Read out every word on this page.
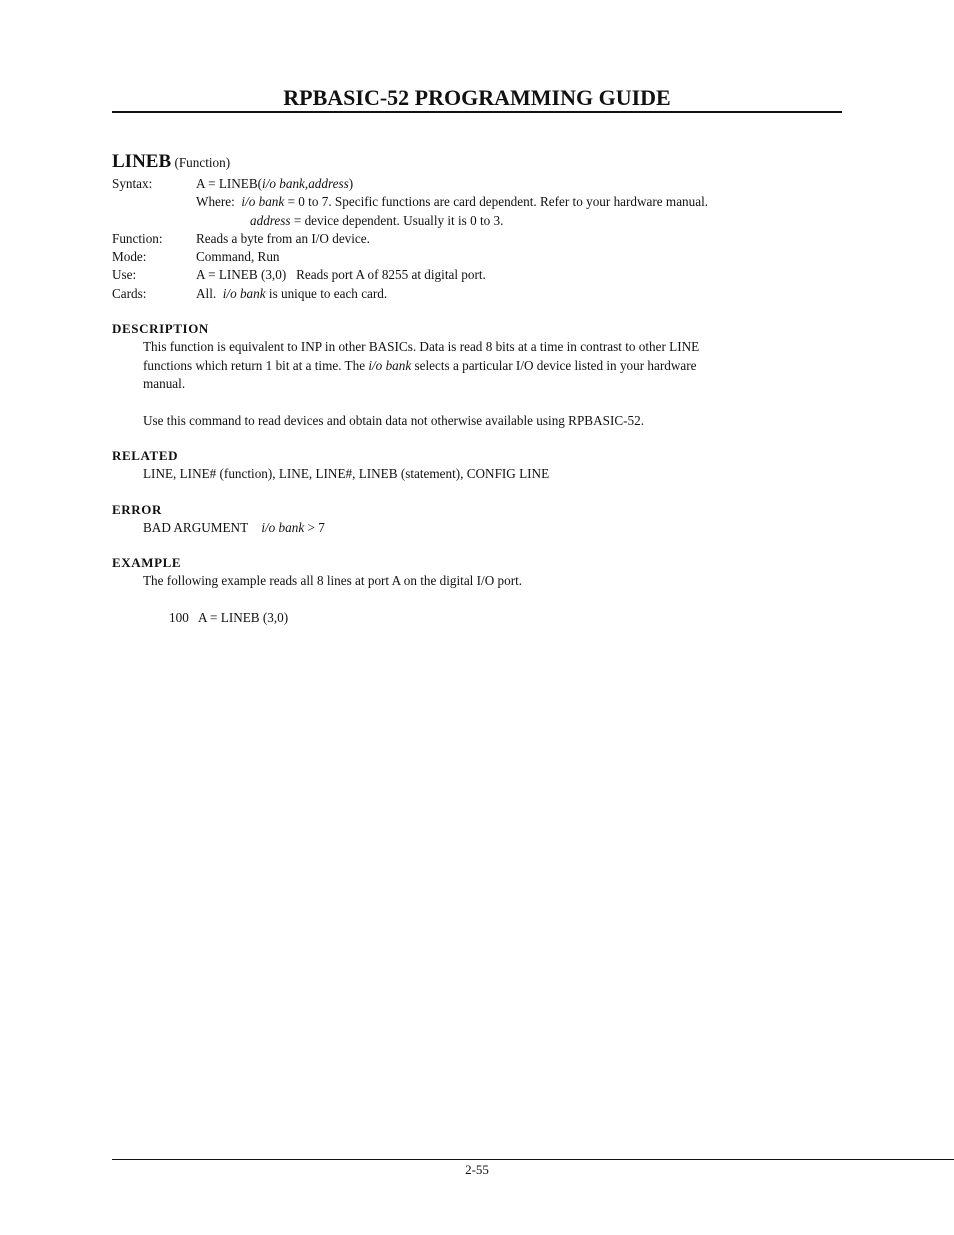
RPBASIC-52 PROGRAMMING GUIDE
LINEB (Function)
Syntax:	A = LINEB(i/o bank,address)
Where: i/o bank = 0 to 7. Specific functions are card dependent. Refer to your hardware manual.
address = device dependent. Usually it is 0 to 3.
Function:	Reads a byte from an I/O device.
Mode:	Command, Run
Use:	A = LINEB (3,0)   Reads port A of 8255 at digital port.
Cards:	All. i/o bank is unique to each card.
DESCRIPTION
This function is equivalent to INP in other BASICs. Data is read 8 bits at a time in contrast to other LINE
functions which return 1 bit at a time. The i/o bank selects a particular I/O device listed in your hardware
manual.
Use this command to read devices and obtain data not otherwise available using RPBASIC-52.
RELATED
LINE, LINE# (function), LINE, LINE#, LINEB (statement), CONFIG LINE
ERROR
BAD ARGUMENT i/o bank > 7
EXAMPLE
The following example reads all 8 lines at port A on the digital I/O port.
100   A = LINEB (3,0)
2-55
